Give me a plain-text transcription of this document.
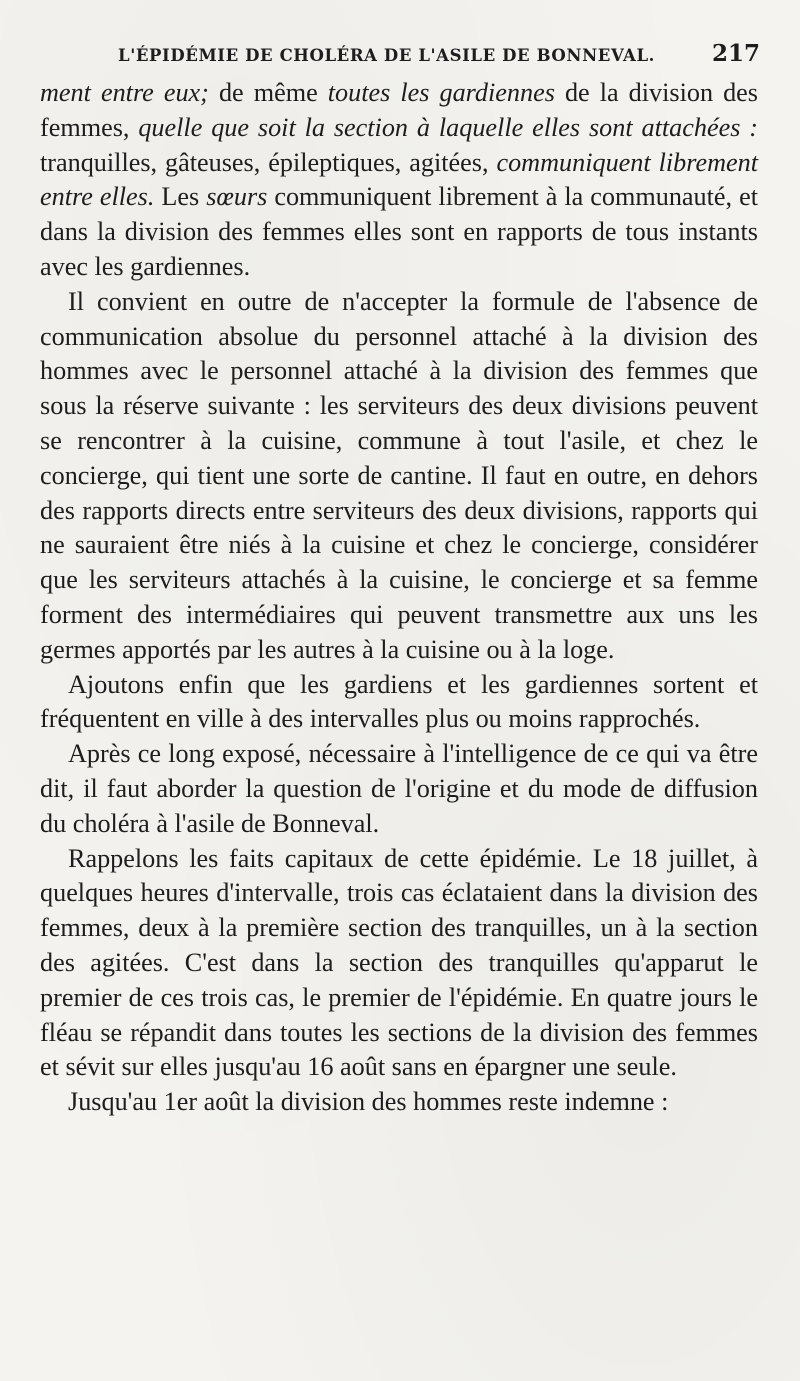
L'ÉPIDÉMIE DE CHOLÉRA DE L'ASILE DE BONNEVAL. 217

ment entre eux; de même toutes les gardiennes de la division des femmes, quelle que soit la section à laquelle elles sont attachées : tranquilles, gâteuses, épileptiques, agitées, communiquent librement entre elles. Les sœurs communiquent librement à la communauté, et dans la division des femmes elles sont en rapports de tous instants avec les gardiennes.

Il convient en outre de n'accepter la formule de l'absence de communication absolue du personnel attaché à la division des hommes avec le personnel attaché à la division des femmes que sous la réserve suivante : les serviteurs des deux divisions peuvent se rencontrer à la cuisine, commune à tout l'asile, et chez le concierge, qui tient une sorte de cantine. Il faut en outre, en dehors des rapports directs entre serviteurs des deux divisions, rapports qui ne sauraient être niés à la cuisine et chez le concierge, considérer que les serviteurs attachés à la cuisine, le concierge et sa femme forment des intermédiaires qui peuvent transmettre aux uns les germes apportés par les autres à la cuisine ou à la loge.

Ajoutons enfin que les gardiens et les gardiennes sortent et fréquentent en ville à des intervalles plus ou moins rapprochés.

Après ce long exposé, nécessaire à l'intelligence de ce qui va être dit, il faut aborder la question de l'origine et du mode de diffusion du choléra à l'asile de Bonneval.

Rappelons les faits capitaux de cette épidémie. Le 18 juillet, à quelques heures d'intervalle, trois cas éclataient dans la division des femmes, deux à la première section des tranquilles, un à la section des agitées. C'est dans la section des tranquilles qu'apparut le premier de ces trois cas, le premier de l'épidémie. En quatre jours le fléau se répandit dans toutes les sections de la division des femmes et sévit sur elles jusqu'au 16 août sans en épargner une seule.

Jusqu'au 1er août la division des hommes reste indemne :
